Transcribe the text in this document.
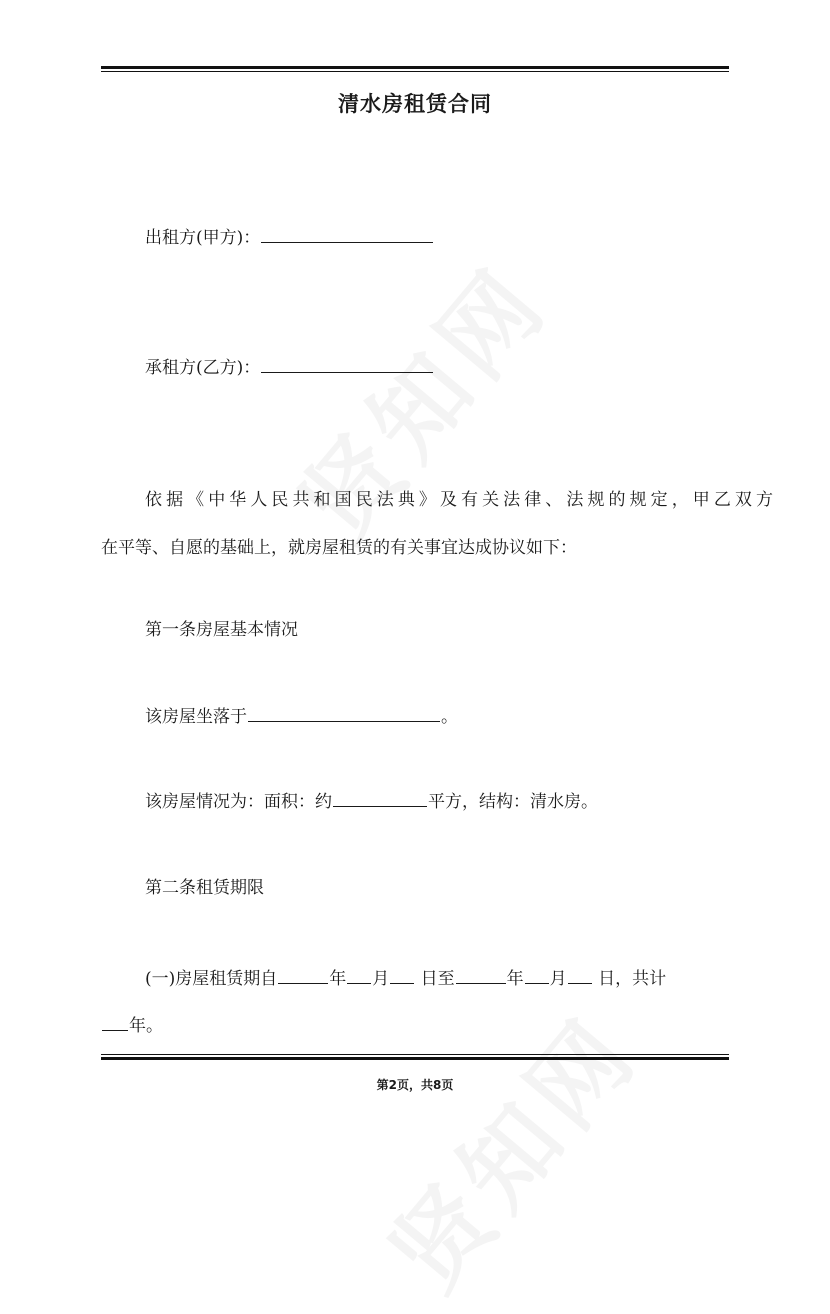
清水房租赁合同
出租方(甲方)：
承租方(乙方)：
依据《中华人民共和国民法典》及有关法律、法规的规定，甲乙双方
在平等、自愿的基础上，就房屋租赁的有关事宜达成协议如下：
第一条房屋基本情况
该房屋坐落于	。
该房屋情况为：面积：约	平方，结构：清水房。
第二条租赁期限
(一)房屋租赁期自	年 月 日至	年 月 日，共计
年。
第2页，共8页
